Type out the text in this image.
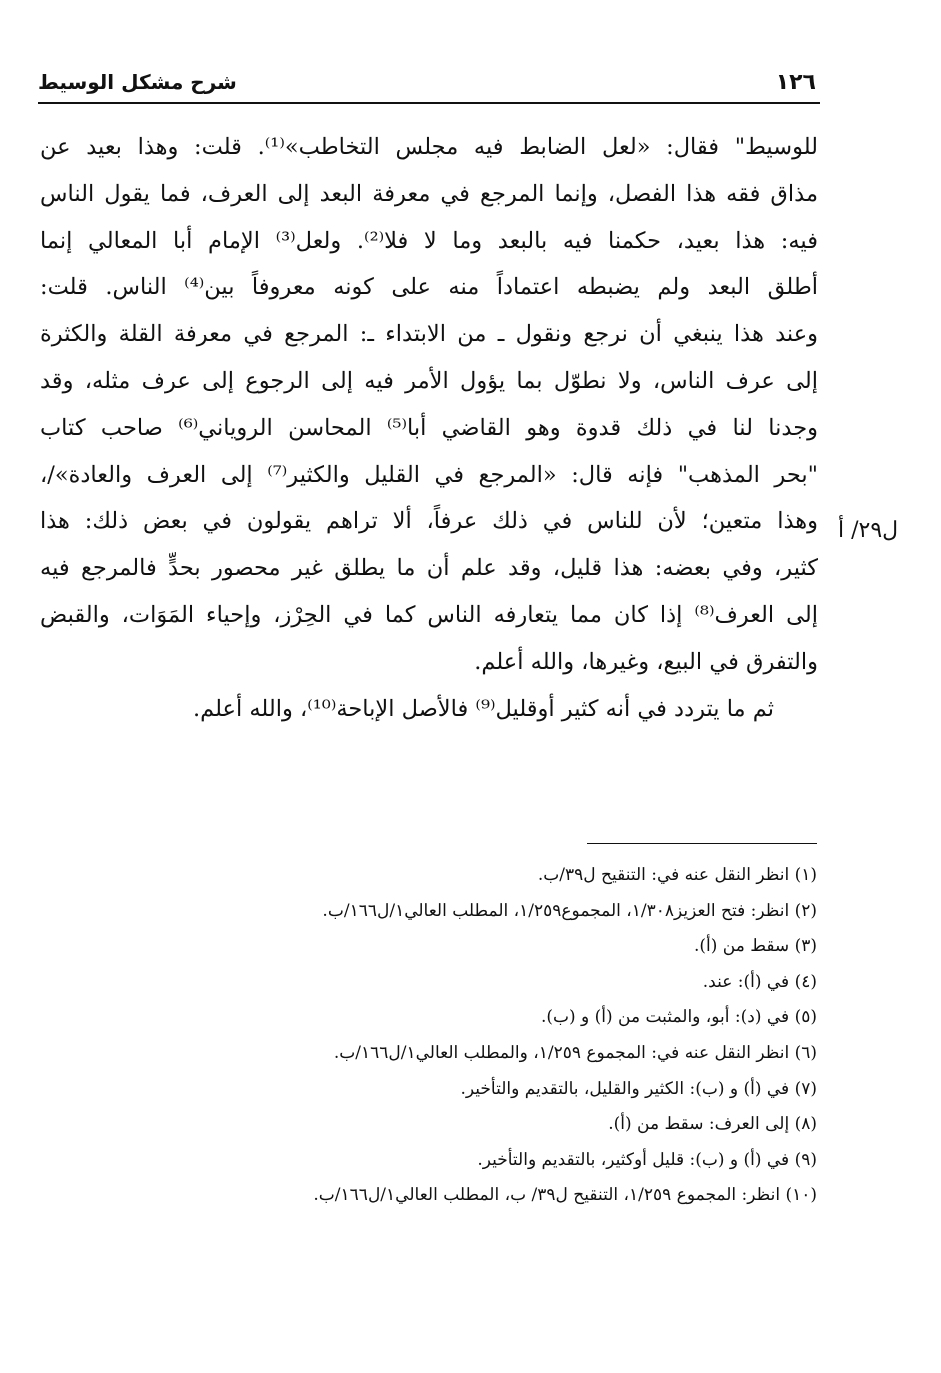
شرح مشكل الوسيط	١٢٦
ل٢٩/ أ
للوسيط" فقال: «لعل الضابط فيه مجلس التخاطب»⁽¹⁾. قلت: وهذا بعيد عن
مذاق فقه هذا الفصل، وإنما المرجع في معرفة البعد إلى العرف، فما يقول الناس
فيه: هذا بعيد، حكمنا فيه بالبعد وما لا فلا⁽²⁾. ولعل⁽³⁾ الإمام أبا المعالي إنما
أطلق البعد ولم يضبطه اعتماداً منه على كونه معروفاً بين⁽⁴⁾ الناس. قلت:
وعند هذا ينبغي أن نرجع ونقول ـ من الابتداء ـ: المرجع في معرفة القلة والكثرة
إلى عرف الناس، ولا نطوّل بما يؤول الأمر فيه إلى الرجوع إلى عرف مثله، وقد
وجدنا لنا في ذلك قدوة وهو القاضي أبا⁽⁵⁾ المحاسن الروياني⁽⁶⁾ صاحب كتاب
"بحر المذهب" فإنه قال: «المرجع في القليل والكثير⁽⁷⁾ إلى العرف والعادة»/،
وهذا متعين؛ لأن للناس في ذلك عرفاً، ألا تراهم يقولون في بعض ذلك: هذا
كثير، وفي بعضه: هذا قليل، وقد علم أن ما يطلق غير محصور بحدٍّ فالمرجع فيه
إلى العرف⁽⁸⁾ إذا كان مما يتعارفه الناس كما في الحِرْز، وإحياء المَوَات، والقبض
والتفرق في البيع، وغيرها، والله أعلم.
ثم ما يتردد في أنه كثير أوقليل⁽⁹⁾ فالأصل الإباحة⁽¹⁰⁾، والله أعلم.
(١) انظر النقل عنه في: التنقيح ل٣٩/ب.
(٢) انظر: فتح العزيز١/٣٠٨، المجموع١/٢٥٩، المطلب العالي١/ل١٦٦/ب.
(٣) سقط من (أ).
(٤) في (أ): عند.
(٥) في (د): أبو، والمثبت من (أ) و (ب).
(٦) انظر النقل عنه في: المجموع ١/٢٥٩، والمطلب العالي١/ل١٦٦/ب.
(٧) في (أ) و (ب): الكثير والقليل، بالتقديم والتأخير.
(٨) إلى العرف: سقط من (أ).
(٩) في (أ) و (ب): قليل أوكثير، بالتقديم والتأخير.
(١٠) انظر: المجموع ١/٢٥٩، التنقيح ل٣٩/ ب، المطلب العالي١/ل١٦٦/ب.
